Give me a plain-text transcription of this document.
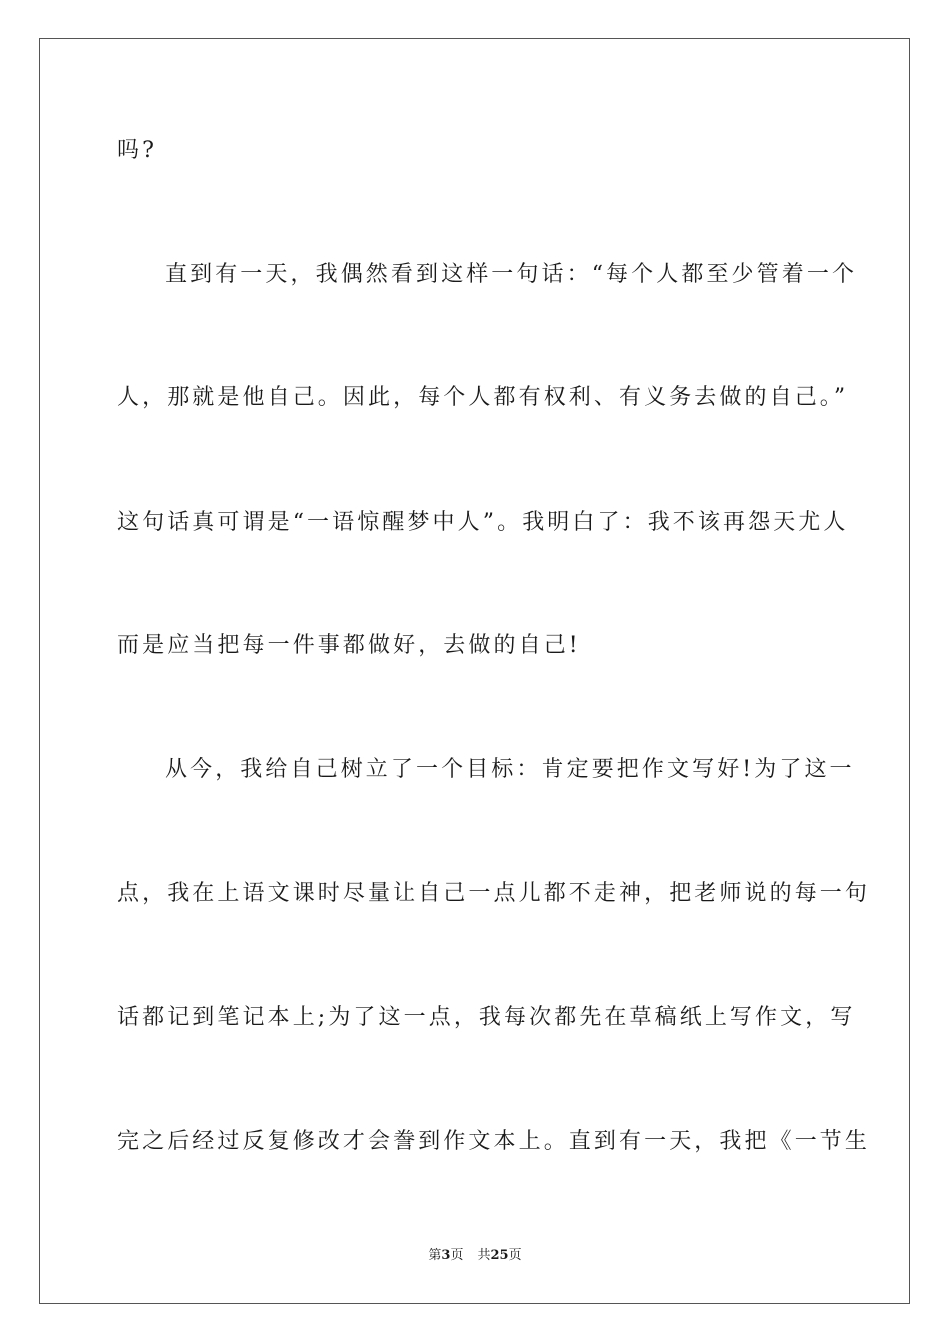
吗?
直到有一天，我偶然看到这样一句话：“每个人都至少管着一个
人，那就是他自己。因此，每个人都有权利、有义务去做的自己。”
这句话真可谓是“一语惊醒梦中人”。我明白了：我不该再怨天尤人
而是应当把每一件事都做好，去做的自己!
从今，我给自己树立了一个目标：肯定要把作文写好!为了这一
点，我在上语文课时尽量让自己一点儿都不走神，把老师说的每一句
话都记到笔记本上;为了这一点，我每次都先在草稿纸上写作文，写
完之后经过反复修改才会誊到作文本上。直到有一天，我把《一节生
第3页 共25页
